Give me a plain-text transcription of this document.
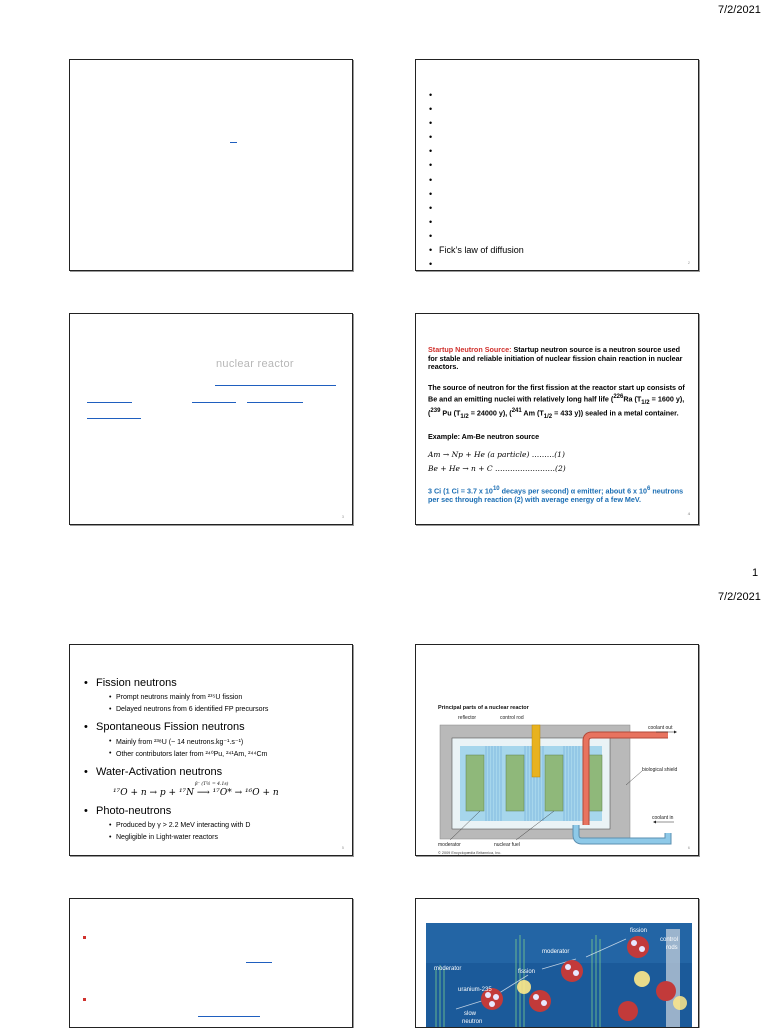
7/2/2021
•
•
•
•
•
•
•
•
•
•
•
• Fick’s law of diffusion
•
2
nuclear reactor
3

Startup Neutron Source: Startup neutron source is a neutron source used for stable and reliable initiation of nuclear fission chain reaction in nuclear reactors.

The source of neutron for the first fission at the reactor start up consists of Be and an emitting nuclei with relatively long half life ($^{226}$Ra ($T_{1/2} = 1600$ y), ($^{239}$ Pu ($T_{1/2} = 24000$ y), ($^{241}$ Am ($T_{1/2} = 433$ y)) sealed in a metal container.

Example: Am-Be neutron source

Am → Np + He (a particle) ………(1)
Be + He → n + C ……………………(2)

3 Ci (1 Ci = 3.7 x $10^{10}$ decays per second) α emitter; about 6 x $10^6$ neutrons per sec through reaction (2) with average energy of a few MeV.

4
1
7/2/2021
• Fission neutrons
• Prompt neutrons mainly from ²³⁵U fission
• Delayed neutrons from 6 identified FP precursors
• Spontaneous Fission neutrons
• Mainly from ²³⁸U (~ 14 neutrons.kg⁻¹.s⁻¹)
• Other contributors later from ²⁴⁰Pu, ²⁴¹Am, ²⁴⁴Cm
• Water-Activation neutrons
β⁻ (T½ = 4.1s)
¹⁷O + n → p + ¹⁷N ⟶ ¹⁷O* → ¹⁶O + n
• Photo-neutrons
• Produced by γ > 2.2 MeV interacting with D
• Negligible in Light-water reactors
5
Principal parts of a nuclear reactor
reflector	control rod
coolant out
biological shield
coolant in
moderator	nuclear fuel
© 2009 Encyclopædia Britannica, Inc.
6
fission
control
rods
moderator
moderator	fission
uranium-235
slow
neutron
